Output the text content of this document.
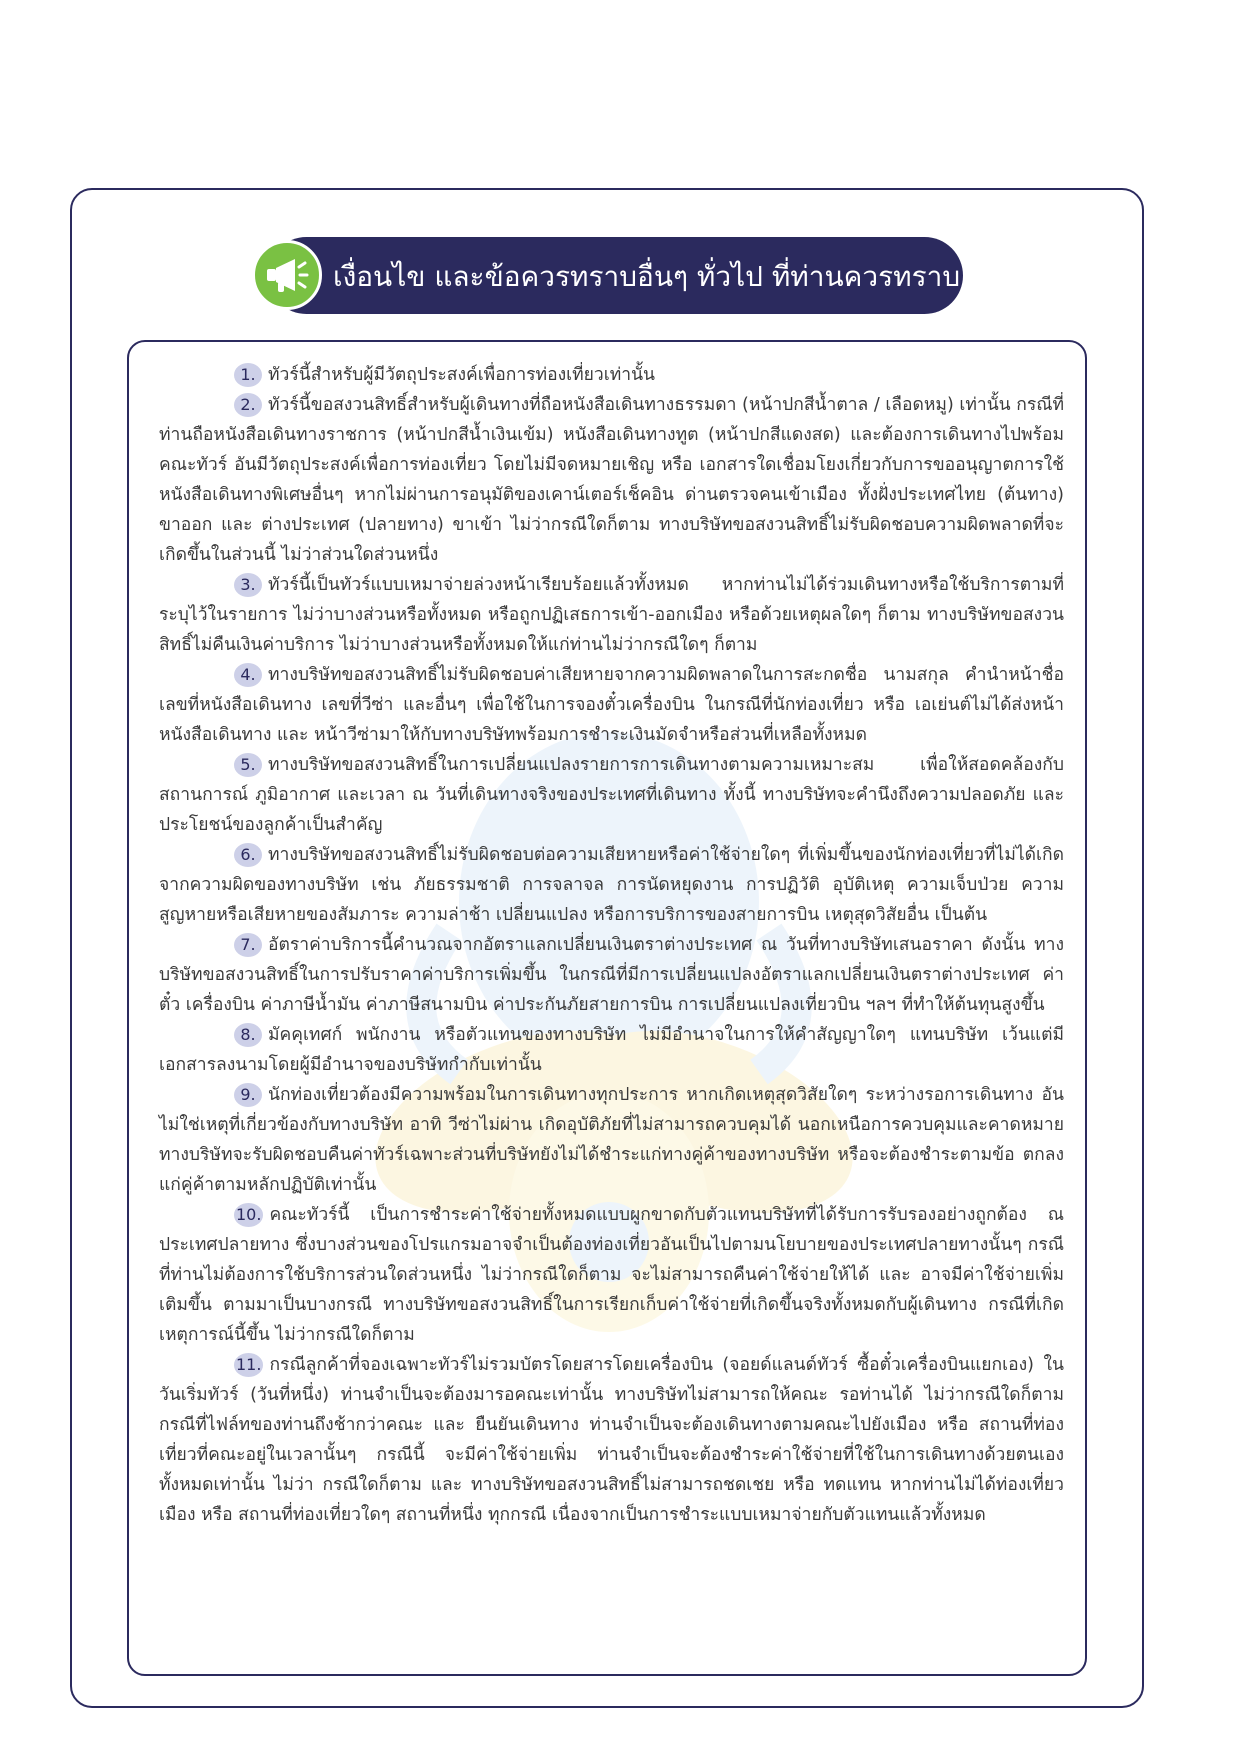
เงื่อนไข และข้อควรทราบอื่นๆ ทั่วไป ที่ท่านควรทราบ

1. ทัวร์นี้สำหรับผู้มีวัตถุประสงค์เพื่อการท่องเที่ยวเท่านั้น

2. ทัวร์นี้ขอสงวนสิทธิ์สำหรับผู้เดินทางที่ถือหนังสือเดินทางธรรมดา (หน้าปกสีน้ำตาล / เลือดหมู) เท่านั้น กรณีที่ท่านถือหนังสือเดินทางราชการ (หน้าปกสีน้ำเงินเข้ม) หนังสือเดินทางทูต (หน้าปกสีแดงสด) และต้องการเดินทางไปพร้อมคณะทัวร์ อันมีวัตถุประสงค์เพื่อการท่องเที่ยว โดยไม่มีจดหมายเชิญ หรือ เอกสารใดเชื่อมโยงเกี่ยวกับการขออนุญาตการใช้หนังสือเดินทางพิเศษอื่นๆ หากไม่ผ่านการอนุมัติของเคาน์เตอร์เช็คอิน ด่านตรวจคนเข้าเมือง ทั้งฝั่งประเทศไทย (ต้นทาง) ขาออก และ ต่างประเทศ (ปลายทาง) ขาเข้า ไม่ว่ากรณีใดก็ตาม ทางบริษัทขอสงวนสิทธิ์ไม่รับผิดชอบความผิดพลาดที่จะเกิดขึ้นในส่วนนี้ ไม่ว่าส่วนใดส่วนหนึ่ง

3. ทัวร์นี้เป็นทัวร์แบบเหมาจ่ายล่วงหน้าเรียบร้อยแล้วทั้งหมด หากท่านไม่ได้ร่วมเดินทางหรือใช้บริการตามที่ระบุไว้ในรายการ ไม่ว่าบางส่วนหรือทั้งหมด หรือถูกปฏิเสธการเข้า-ออกเมือง หรือด้วยเหตุผลใดๆ ก็ตาม ทางบริษัทขอสงวนสิทธิ์ไม่คืนเงินค่าบริการ ไม่ว่าบางส่วนหรือทั้งหมดให้แก่ท่านไม่ว่ากรณีใดๆ ก็ตาม

4. ทางบริษัทขอสงวนสิทธิ์ไม่รับผิดชอบค่าเสียหายจากความผิดพลาดในการสะกดชื่อ นามสกุล คำนำหน้าชื่อ เลขที่หนังสือเดินทาง เลขที่วีซ่า และอื่นๆ เพื่อใช้ในการจองตั๋วเครื่องบิน ในกรณีที่นักท่องเที่ยว หรือ เอเย่นต์ไม่ได้ส่งหน้าหนังสือเดินทาง และ หน้าวีซ่ามาให้กับทางบริษัทพร้อมการชำระเงินมัดจำหรือส่วนที่เหลือทั้งหมด

5. ทางบริษัทขอสงวนสิทธิ์ในการเปลี่ยนแปลงรายการการเดินทางตามความเหมาะสม เพื่อให้สอดคล้องกับ สถานการณ์ ภูมิอากาศ และเวลา ณ วันที่เดินทางจริงของประเทศที่เดินทาง ทั้งนี้ ทางบริษัทจะคำนึงถึงความปลอดภัย และ ประโยชน์ของลูกค้าเป็นสำคัญ

6. ทางบริษัทขอสงวนสิทธิ์ไม่รับผิดชอบต่อความเสียหายหรือค่าใช้จ่ายใดๆ ที่เพิ่มขึ้นของนักท่องเที่ยวที่ไม่ได้เกิดจากความผิดของทางบริษัท เช่น ภัยธรรมชาติ การจลาจล การนัดหยุดงาน การปฏิวัติ อุบัติเหตุ ความเจ็บป่วย ความสูญหายหรือเสียหายของสัมภาระ ความล่าช้า เปลี่ยนแปลง หรือการบริการของสายการบิน เหตุสุดวิสัยอื่น เป็นต้น

7. อัตราค่าบริการนี้คำนวณจากอัตราแลกเปลี่ยนเงินตราต่างประเทศ ณ วันที่ทางบริษัทเสนอราคา ดังนั้น ทางบริษัทขอสงวนสิทธิ์ในการปรับราคาค่าบริการเพิ่มขึ้น ในกรณีที่มีการเปลี่ยนแปลงอัตราแลกเปลี่ยนเงินตราต่างประเทศ ค่าตั๋ว เครื่องบิน ค่าภาษีน้ำมัน ค่าภาษีสนามบิน ค่าประกันภัยสายการบิน การเปลี่ยนแปลงเที่ยวบิน ฯลฯ ที่ทำให้ต้นทุนสูงขึ้น

8. มัคคุเทศก์ พนักงาน หรือตัวแทนของทางบริษัท ไม่มีอำนาจในการให้คำสัญญาใดๆ แทนบริษัท เว้นแต่มีเอกสารลงนามโดยผู้มีอำนาจของบริษัทกำกับเท่านั้น

9. นักท่องเที่ยวต้องมีความพร้อมในการเดินทางทุกประการ หากเกิดเหตุสุดวิสัยใดๆ ระหว่างรอการเดินทาง อันไม่ใช่เหตุที่เกี่ยวข้องกับทางบริษัท อาทิ วีซ่าไม่ผ่าน เกิดอุบัติภัยที่ไม่สามารถควบคุมได้ นอกเหนือการควบคุมและคาดหมาย ทางบริษัทจะรับผิดชอบคืนค่าทัวร์เฉพาะส่วนที่บริษัทยังไม่ได้ชำระแก่ทางคู่ค้าของทางบริษัท หรือจะต้องชำระตามข้อ ตกลงแก่คู่ค้าตามหลักปฏิบัติเท่านั้น

10. คณะทัวร์นี้ เป็นการชำระค่าใช้จ่ายทั้งหมดแบบผูกขาดกับตัวแทนบริษัทที่ได้รับการรับรองอย่างถูกต้อง ณ ประเทศปลายทาง ซึ่งบางส่วนของโปรแกรมอาจจำเป็นต้องท่องเที่ยวอันเป็นไปตามนโยบายของประเทศปลายทางนั้นๆ กรณีที่ท่านไม่ต้องการใช้บริการส่วนใดส่วนหนึ่ง ไม่ว่ากรณีใดก็ตาม จะไม่สามารถคืนค่าใช้จ่ายให้ได้ และ อาจมีค่าใช้จ่ายเพิ่มเติมขึ้น ตามมาเป็นบางกรณี ทางบริษัทขอสงวนสิทธิ์ในการเรียกเก็บค่าใช้จ่ายที่เกิดขึ้นจริงทั้งหมดกับผู้เดินทาง กรณีที่เกิดเหตุการณ์นี้ขึ้น ไม่ว่ากรณีใดก็ตาม

11. กรณีลูกค้าที่จองเฉพาะทัวร์ไม่รวมบัตรโดยสารโดยเครื่องบิน (จอยด์แลนด์ทัวร์ ซื้อตั๋วเครื่องบินแยกเอง) ในวันเริ่มทัวร์ (วันที่หนึ่ง) ท่านจำเป็นจะต้องมารอคณะเท่านั้น ทางบริษัทไม่สามารถให้คณะ รอท่านได้ ไม่ว่ากรณีใดก็ตาม กรณีที่ไฟล์ทของท่านถึงช้ากว่าคณะ และ ยืนยันเดินทาง ท่านจำเป็นจะต้องเดินทางตามคณะไปยังเมือง หรือ สถานที่ท่องเที่ยวที่คณะอยู่ในเวลานั้นๆ กรณีนี้ จะมีค่าใช้จ่ายเพิ่ม ท่านจำเป็นจะต้องชำระค่าใช้จ่ายที่ใช้ในการเดินทางด้วยตนเองทั้งหมดเท่านั้น ไม่ว่า กรณีใดก็ตาม และ ทางบริษัทขอสงวนสิทธิ์ไม่สามารถชดเชย หรือ ทดแทน หากท่านไม่ได้ท่องเที่ยวเมือง หรือ สถานที่ท่องเที่ยวใดๆ สถานที่หนึ่ง ทุกกรณี เนื่องจากเป็นการชำระแบบเหมาจ่ายกับตัวแทนแล้วทั้งหมด
